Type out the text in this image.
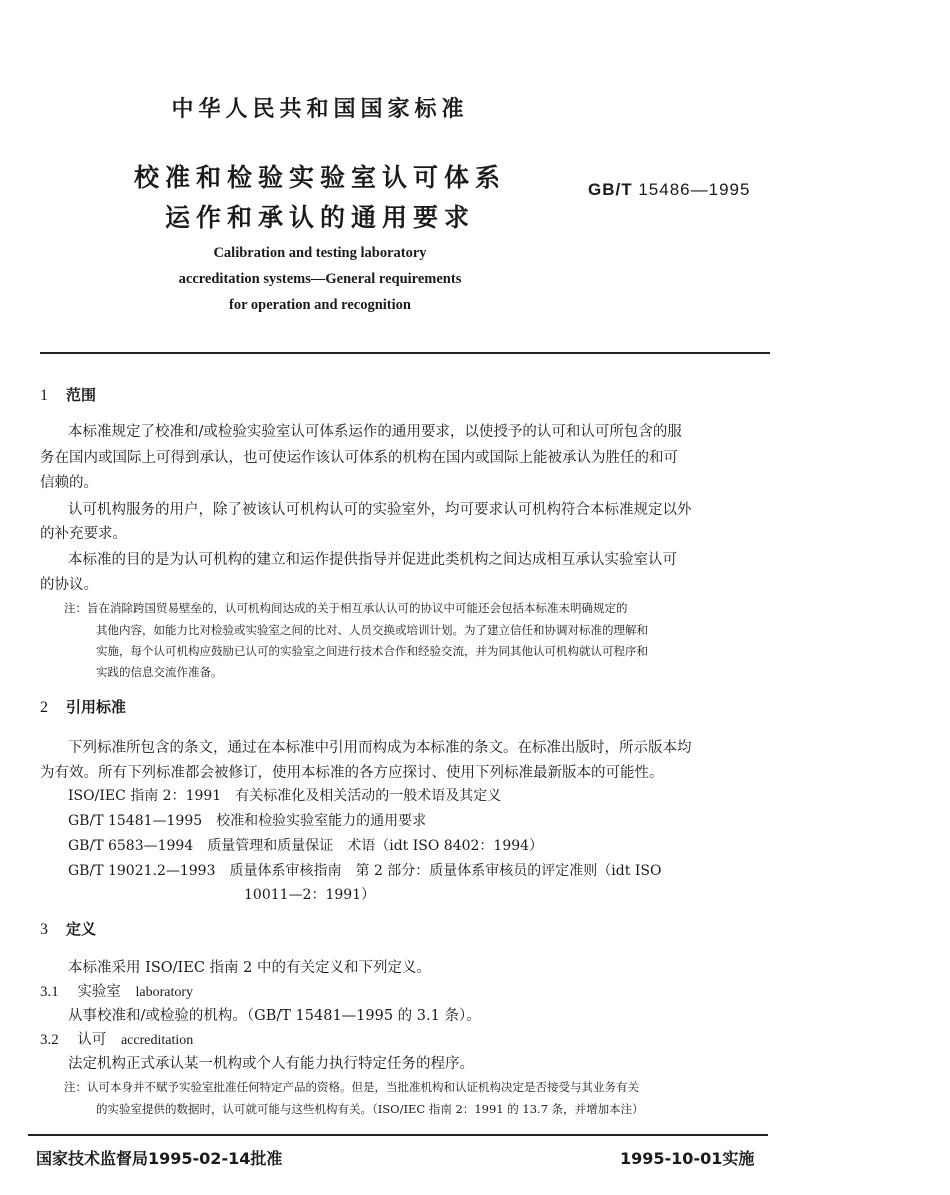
中华人民共和国国家标准
校准和检验实验室认可体系
运作和承认的通用要求
GB/T 15486—1995
Calibration and testing laboratory
accreditation systems—General requirements
for operation and recognition
1 范围
本标准规定了校准和/或检验实验室认可体系运作的通用要求，以使授予的认可和认可所包含的服
务在国内或国际上可得到承认，也可使运作该认可体系的机构在国内或国际上能被承认为胜任的和可
信赖的。
认可机构服务的用户，除了被该认可机构认可的实验室外，均可要求认可机构符合本标准规定以外
的补充要求。
本标准的目的是为认可机构的建立和运作提供指导并促进此类机构之间达成相互承认实验室认可
的协议。
注：旨在消除跨国贸易壁垒的，认可机构间达成的关于相互承认认可的协议中可能还会包括本标准未明确规定的
其他内容，如能力比对检验或实验室之间的比对、人员交换或培训计划。为了建立信任和协调对标准的理解和
实施，每个认可机构应鼓励已认可的实验室之间进行技术合作和经验交流，并为同其他认可机构就认可程序和
实践的信息交流作准备。
2 引用标准
下列标准所包含的条文，通过在本标准中引用而构成为本标准的条文。在标准出版时，所示版本均
为有效。所有下列标准都会被修订，使用本标准的各方应探讨、使用下列标准最新版本的可能性。
ISO/IEC 指南 2：1991　有关标准化及相关活动的一般术语及其定义
GB/T 15481—1995　校准和检验实验室能力的通用要求
GB/T 6583—1994　质量管理和质量保证　术语（idt ISO 8402：1994）
GB/T 19021.2—1993　质量体系审核指南　第 2 部分：质量体系审核员的评定准则（idt ISO
10011—2：1991）
3 定义
本标准采用 ISO/IEC 指南 2 中的有关定义和下列定义。
3.1 实验室 laboratory
从事校准和/或检验的机构。（GB/T 15481—1995 的 3.1 条）。
3.2 认可 accreditation
法定机构正式承认某一机构或个人有能力执行特定任务的程序。
注：认可本身并不赋予实验室批准任何特定产品的资格。但是，当批准机构和认证机构决定是否接受与其业务有关
的实验室提供的数据时，认可就可能与这些机构有关。（ISO/IEC 指南 2：1991 的 13.7 条，并增加本注）
国家技术监督局1995-02-14批准	1995-10-01实施
